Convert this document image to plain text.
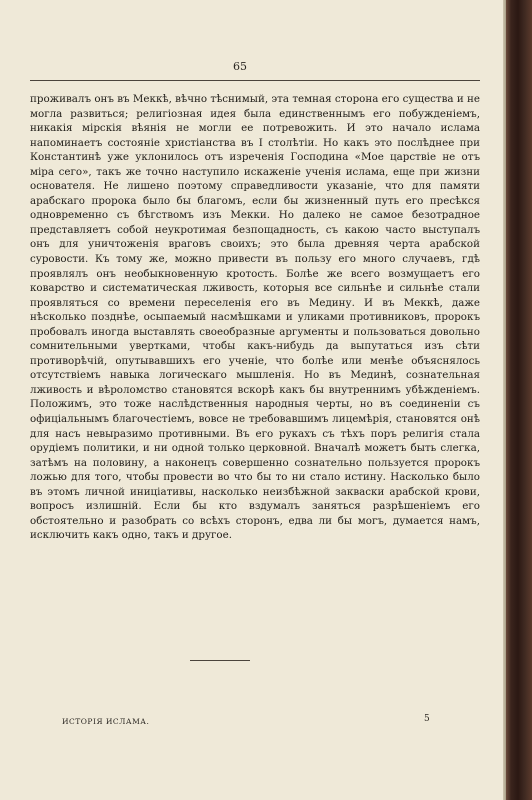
65

проживалъ онъ въ Меккѣ, вѣчно тѣснимый, эта темная сторона его существа и не могла развиться; религіозная идея была единственнымъ его побужденіемъ, никакія мірскія вѣянія не могли ее потревожить. И это начало ислама напоминаетъ состояніе христіанства въ I столѣтіи. Но какъ это послѣднее при Константинѣ уже уклонилось отъ изреченія Господина «Мое царствіе не отъ міра сего», такъ же точно наступило искаженіе ученія ислама, еще при жизни основателя. Не лишено поэтому справедливости указаніе, что для памяти арабскаго пророка было бы благомъ, если бы жизненный путь его пресѣкся одновременно съ бѣгствомъ изъ Мекки. Но далеко не самое безотрадное представляетъ собой неукротимая безпощадность, съ какою часто выступалъ онъ для уничтоженія враговъ своихъ; это была древняя черта арабской суровости. Къ тому же, можно привести въ пользу его много случаевъ, гдѣ проявлялъ онъ необыкновенную кротость. Болѣе же всего возмущаетъ его коварство и систематическая лживость, которыя все сильнѣе и сильнѣе стали проявляться со времени переселенія его въ Медину. И въ Меккѣ, даже нѣсколько позднѣе, осыпаемый насмѣшками и уликами противниковъ, пророкъ пробовалъ иногда выставлять своеобразные аргументы и пользоваться довольно сомнительными увертками, чтобы какъ-нибудь да выпутаться изъ сѣти противорѣчій, опутывавшихъ его ученіе, что болѣе или менѣе объяснялось отсутствіемъ навыка логическаго мышленія. Но въ Мединѣ, сознательная лживость и вѣроломство становятся вскорѣ какъ бы внутреннимъ убѣжденіемъ. Положимъ, это тоже наслѣдственныя народныя черты, но въ соединеніи съ офиціальнымъ благочестіемъ, вовсе не требовавшимъ лицемѣрія, становятся онѣ для насъ невыразимо противными. Въ его рукахъ съ тѣхъ поръ религія стала орудіемъ политики, и ни одной только церковной. Вначалѣ можетъ быть слегка, затѣмъ на половину, а наконецъ совершенно сознательно пользуется пророкъ ложью для того, чтобы провести во что бы то ни стало истину. Насколько было въ этомъ личной иниціативы, насколько неизбѣжной закваски арабской крови, вопросъ излишній. Если бы кто вздумалъ заняться разрѣшеніемъ его обстоятельно и разобрать со всѣхъ сторонъ, едва ли бы могъ, думается намъ, исключить какъ одно, такъ и другое.

ИСТОРІЯ ИСЛАМА.	5
